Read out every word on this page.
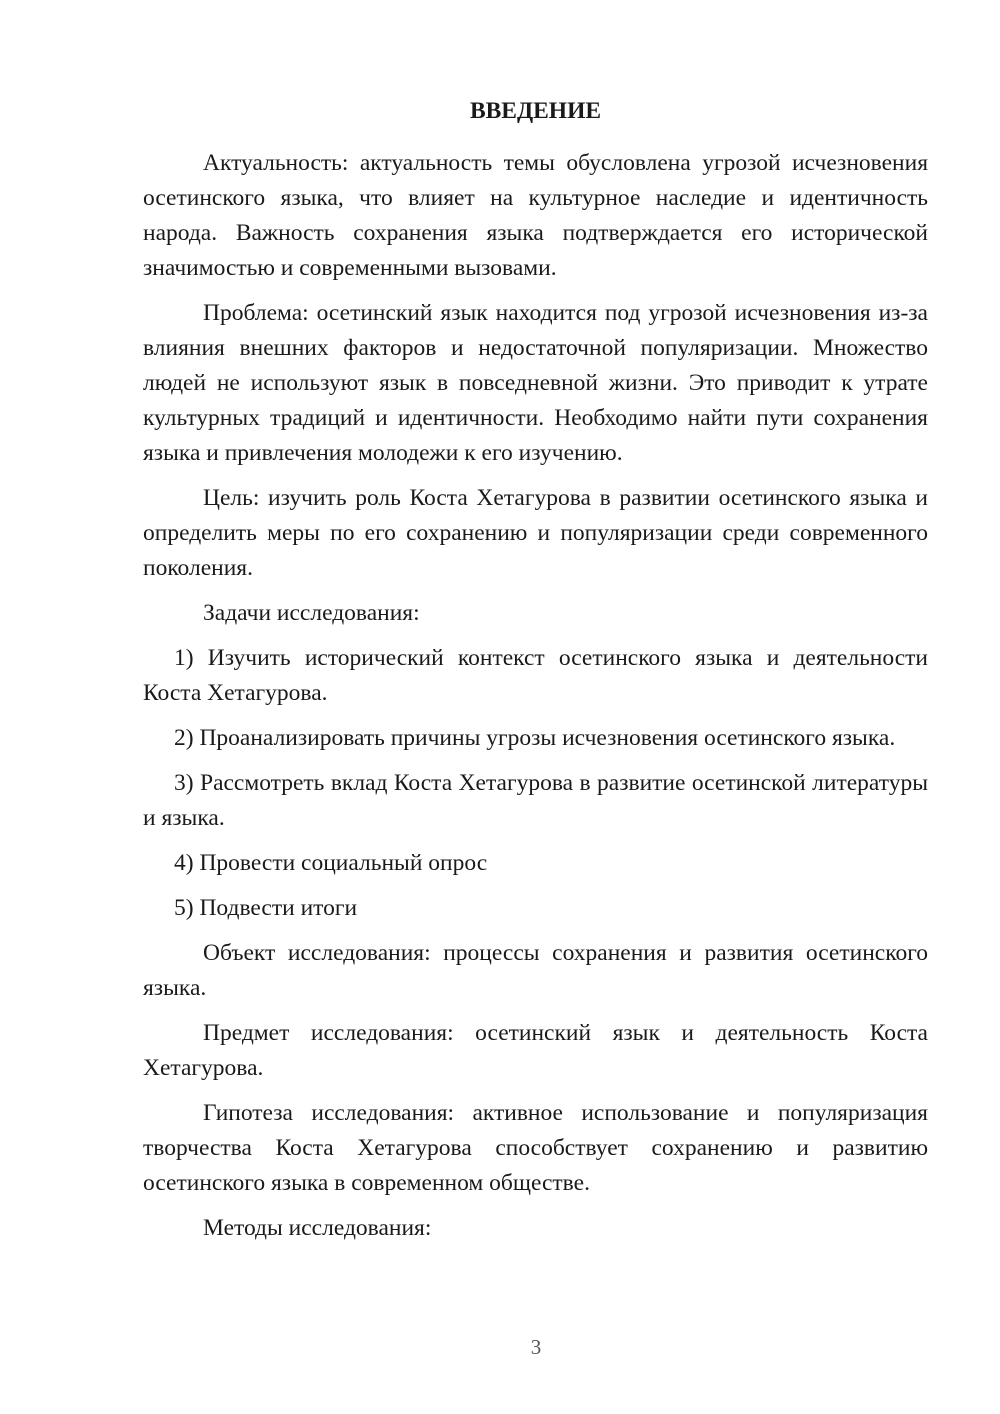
ВВЕДЕНИЕ

Актуальность: актуальность темы обусловлена угрозой исчезновения осетинского языка, что влияет на культурное наследие и идентичность народа. Важность сохранения языка подтверждается его исторической значимостью и современными вызовами.

Проблема: осетинский язык находится под угрозой исчезновения из-за влияния внешних факторов и недостаточной популяризации. Множество людей не используют язык в повседневной жизни. Это приводит к утрате культурных традиций и идентичности. Необходимо найти пути сохранения языка и привлечения молодежи к его изучению.

Цель: изучить роль Коста Хетагурова в развитии осетинского языка и определить меры по его сохранению и популяризации среди современного поколения.

Задачи исследования:

1) Изучить исторический контекст осетинского языка и деятельности Коста Хетагурова.

2) Проанализировать причины угрозы исчезновения осетинского языка.

3) Рассмотреть вклад Коста Хетагурова в развитие осетинской литературы и языка.

4) Провести социальный опрос

5) Подвести итоги

Объект исследования: процессы сохранения и развития осетинского языка.

Предмет исследования: осетинский язык и деятельность Коста Хетагурова.

Гипотеза исследования: активное использование и популяризация творчества Коста Хетагурова способствует сохранению и развитию осетинского языка в современном обществе.

Методы исследования:

3
